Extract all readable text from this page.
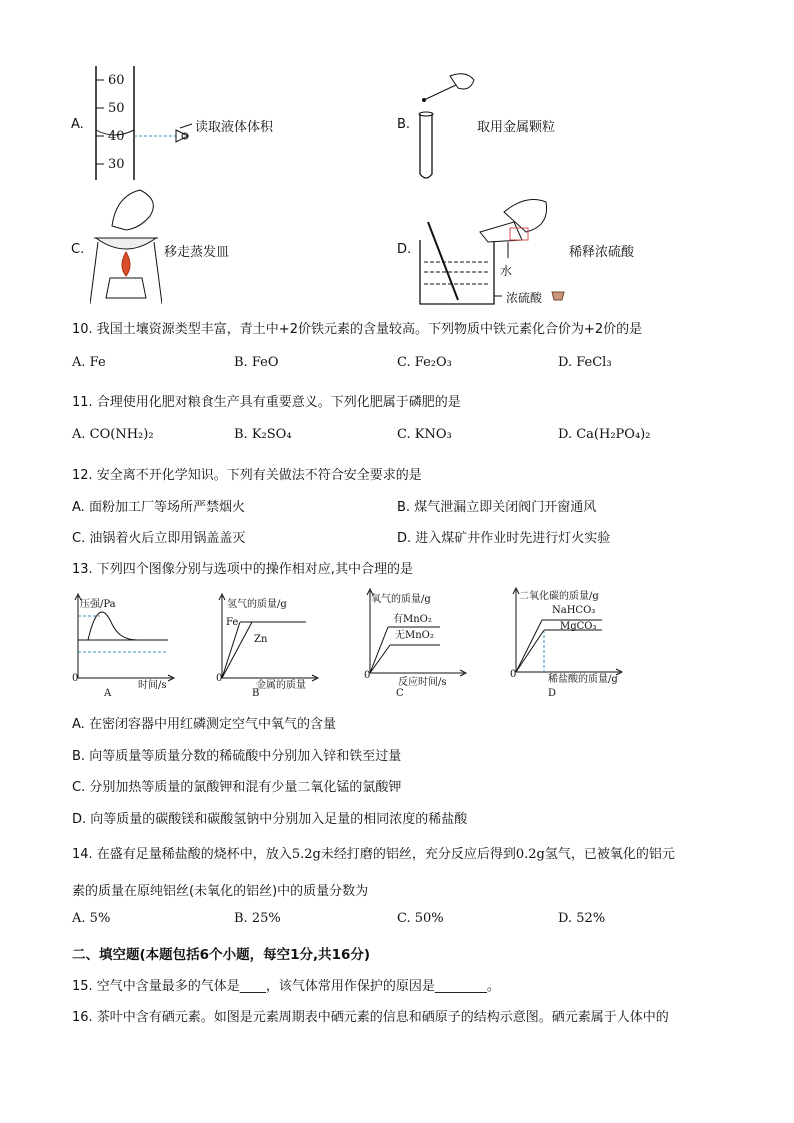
A.
60
50
40
30
读取液体体积	B.	取用金属颗粒
C.	移走蒸发皿	D.
水
浓硫酸
稀释浓硫酸
10. 我国土壤资源类型丰富，青土中+2价铁元素的含量较高。下列物质中铁元素化合价为+2价的是
A. Fe	B. FeO	C. Fe₂O₃	D. FeCl₃
11. 合理使用化肥对粮食生产具有重要意义。下列化肥属于磷肥的是
A. CO(NH₂)₂	B. K₂SO₄	C. KNO₃	D. Ca(H₂PO₄)₂
12. 安全离不开化学知识。下列有关做法不符合安全要求的是
A. 面粉加工厂等场所严禁烟火	B. 煤气泄漏立即关闭阀门开窗通风
C. 油锅着火后立即用锅盖盖灭	D. 进入煤矿井作业时先进行灯火实验
13. 下列四个图像分别与选项中的操作相对应,其中合理的是
压强/Pa
0
时间/s
A
氢气的质量/g
Fe
Zn
0
金属的质量
B
氧气的质量/g
有MnO₂
无MnO₂
0
反应时间/s
C
二氧化碳的质量/g
NaHCO₃
MgCO₃
0	稀盐酸的质量/g
D
A. 在密闭容器中用红磷测定空气中氧气的含量
B. 向等质量等质量分数的稀硫酸中分别加入锌和铁至过量
C. 分别加热等质量的氯酸钾和混有少量二氧化锰的氯酸钾
D. 向等质量的碳酸镁和碳酸氢钠中分别加入足量的相同浓度的稀盐酸
14. 在盛有足量稀盐酸的烧杯中，放入5.2g未经打磨的铝丝，充分反应后得到0.2g氢气，已被氧化的铝元
素的质量在原纯铝丝(未氧化的铝丝)中的质量分数为
A. 5%	B. 25%	C. 50%	D. 52%
二、填空题(本题包括6个小题，每空1分,共16分)
15. 空气中含量最多的气体是____，该气体常用作保护的原因是________。
16. 茶叶中含有硒元素。如图是元素周期表中硒元素的信息和硒原子的结构示意图。硒元素属于人体中的
